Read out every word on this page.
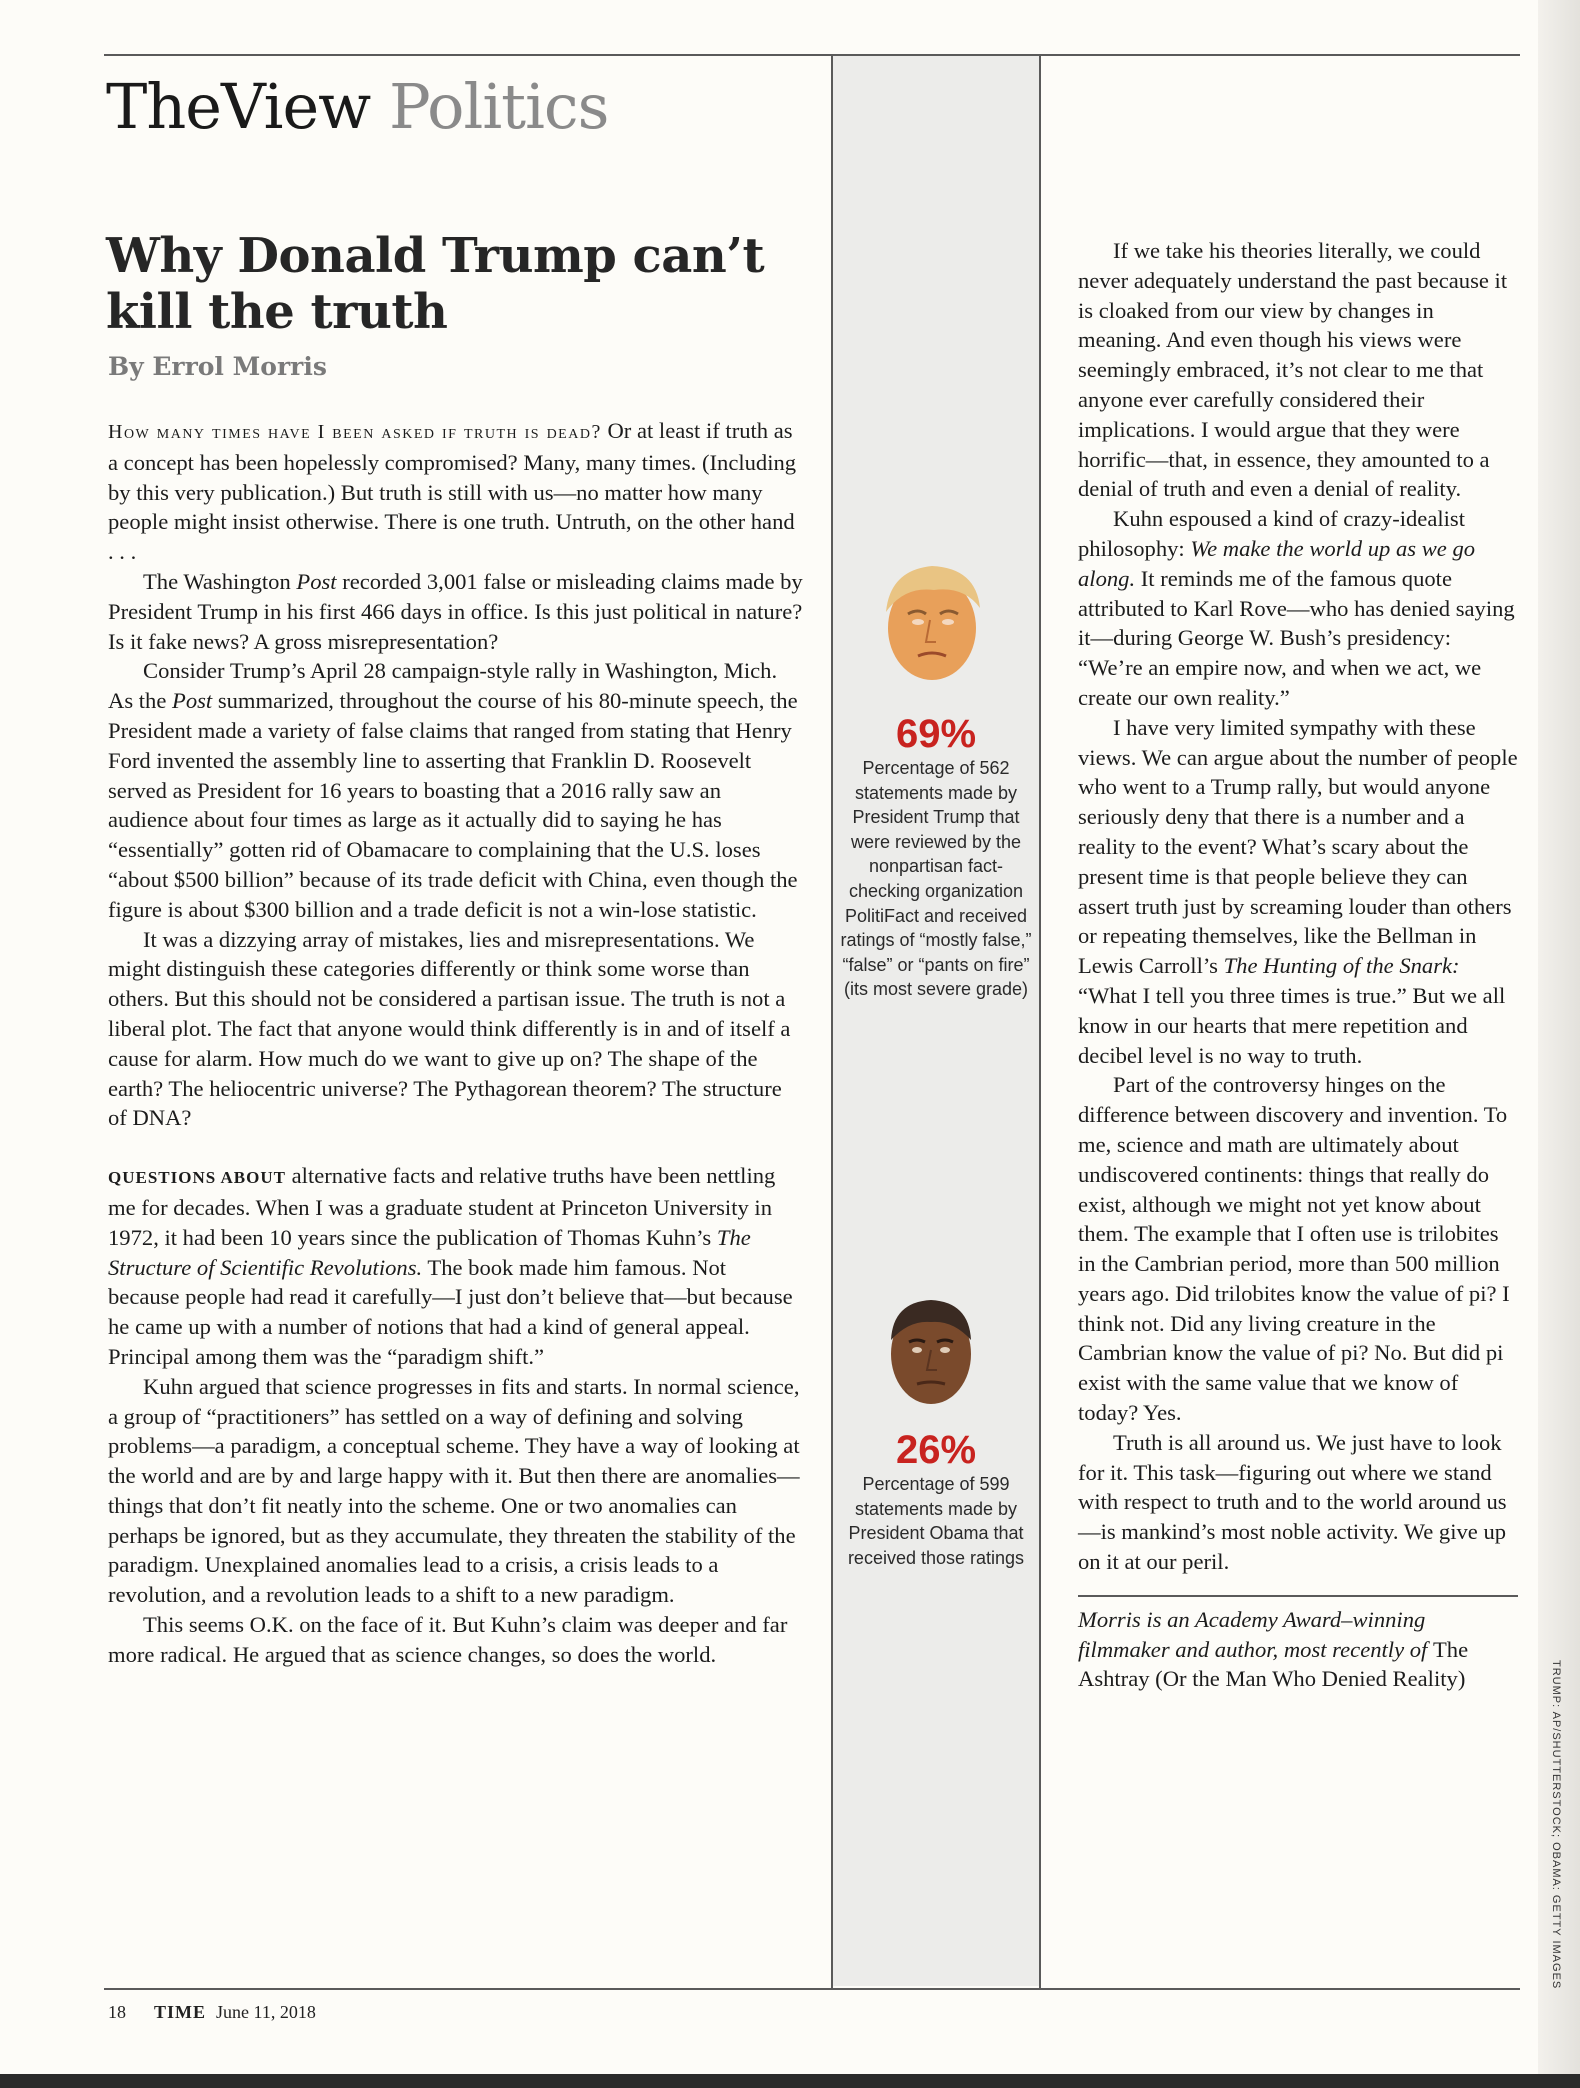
TheView Politics
Why Donald Trump can’t kill the truth
By Errol Morris

How many times have I been asked if truth is dead? Or at least if truth as a concept has been hopelessly compromised? Many, many times. (Including by this very publication.) But truth is still with us—no matter how many people might insist otherwise. There is one truth. Untruth, on the other hand . . .

The Washington Post recorded 3,001 false or misleading claims made by President Trump in his first 466 days in office. Is this just political in nature? Is it fake news? A gross misrepresentation?

Consider Trump’s April 28 campaign-style rally in Washington, Mich. As the Post summarized, throughout the course of his 80-minute speech, the President made a variety of false claims that ranged from stating that Henry Ford invented the assembly line to asserting that Franklin D. Roosevelt served as President for 16 years to boasting that a 2016 rally saw an audience about four times as large as it actually did to saying he has “essentially” gotten rid of Obamacare to complaining that the U.S. loses “about $500 billion” because of its trade deficit with China, even though the figure is about $300 billion and a trade deficit is not a win-lose statistic.

It was a dizzying array of mistakes, lies and misrepresentations. We might distinguish these categories differently or think some worse than others. But this should not be considered a partisan issue. The truth is not a liberal plot. The fact that anyone would think differently is in and of itself a cause for alarm. How much do we want to give up on? The shape of the earth? The heliocentric universe? The Pythagorean theorem? The structure of DNA?

QUESTIONS ABOUT alternative facts and relative truths have been nettling me for decades. When I was a graduate student at Princeton University in 1972, it had been 10 years since the publication of Thomas Kuhn’s The Structure of Scientific Revolutions. The book made him famous. Not because people had read it carefully—I just don’t believe that—but because he came up with a number of notions that had a kind of general appeal. Principal among them was the “paradigm shift.”

Kuhn argued that science progresses in fits and starts. In normal science, a group of “practitioners” has settled on a way of defining and solving problems—a paradigm, a conceptual scheme. They have a way of looking at the world and are by and large happy with it. But then there are anomalies—things that don’t fit neatly into the scheme. One or two anomalies can perhaps be ignored, but as they accumulate, they threaten the stability of the paradigm. Unexplained anomalies lead to a crisis, a crisis leads to a revolution, and a revolution leads to a shift to a new paradigm.

This seems O.K. on the face of it. But Kuhn’s claim was deeper and far more radical. He argued that as science changes, so does the world.

If we take his theories literally, we could never adequately understand the past because it is cloaked from our view by changes in meaning. And even though his views were seemingly embraced, it’s not clear to me that anyone ever carefully considered their implications. I would argue that they were horrific—that, in essence, they amounted to a denial of truth and even a denial of reality.

Kuhn espoused a kind of crazy-idealist philosophy: We make the world up as we go along. It reminds me of the famous quote attributed to Karl Rove—who has denied saying it—during George W. Bush’s presidency: “We’re an empire now, and when we act, we create our own reality.”

I have very limited sympathy with these views. We can argue about the number of people who went to a Trump rally, but would anyone seriously deny that there is a number and a reality to the event? What’s scary about the present time is that people believe they can assert truth just by screaming louder than others or repeating themselves, like the Bellman in Lewis Carroll’s The Hunting of the Snark: “What I tell you three times is true.” But we all know in our hearts that mere repetition and decibel level is no way to truth.

Part of the controversy hinges on the difference between discovery and invention. To me, science and math are ultimately about undiscovered continents: things that really do exist, although we might not yet know about them. The example that I often use is trilobites in the Cambrian period, more than 500 million years ago. Did trilobites know the value of pi? I think not. Did any living creature in the Cambrian know the value of pi? No. But did pi exist with the same value that we know of today? Yes.

Truth is all around us. We just have to look for it. This task—figuring out where we stand with respect to truth and to the world around us—is mankind’s most noble activity. We give up on it at our peril.

Morris is an Academy Award–winning filmmaker and author, most recently of The Ashtray (Or the Man Who Denied Reality)

69%
Percentage of 562 statements made by President Trump that were reviewed by the nonpartisan fact-checking organization PolitiFact and received ratings of “mostly false,” “false” or “pants on fire” (its most severe grade)
26%
Percentage of 599 statements made by President Obama that received those ratings
18 TIME June 11, 2018
TRUMP: AP/SHUTTERSTOCK; OBAMA: GETTY IMAGES
